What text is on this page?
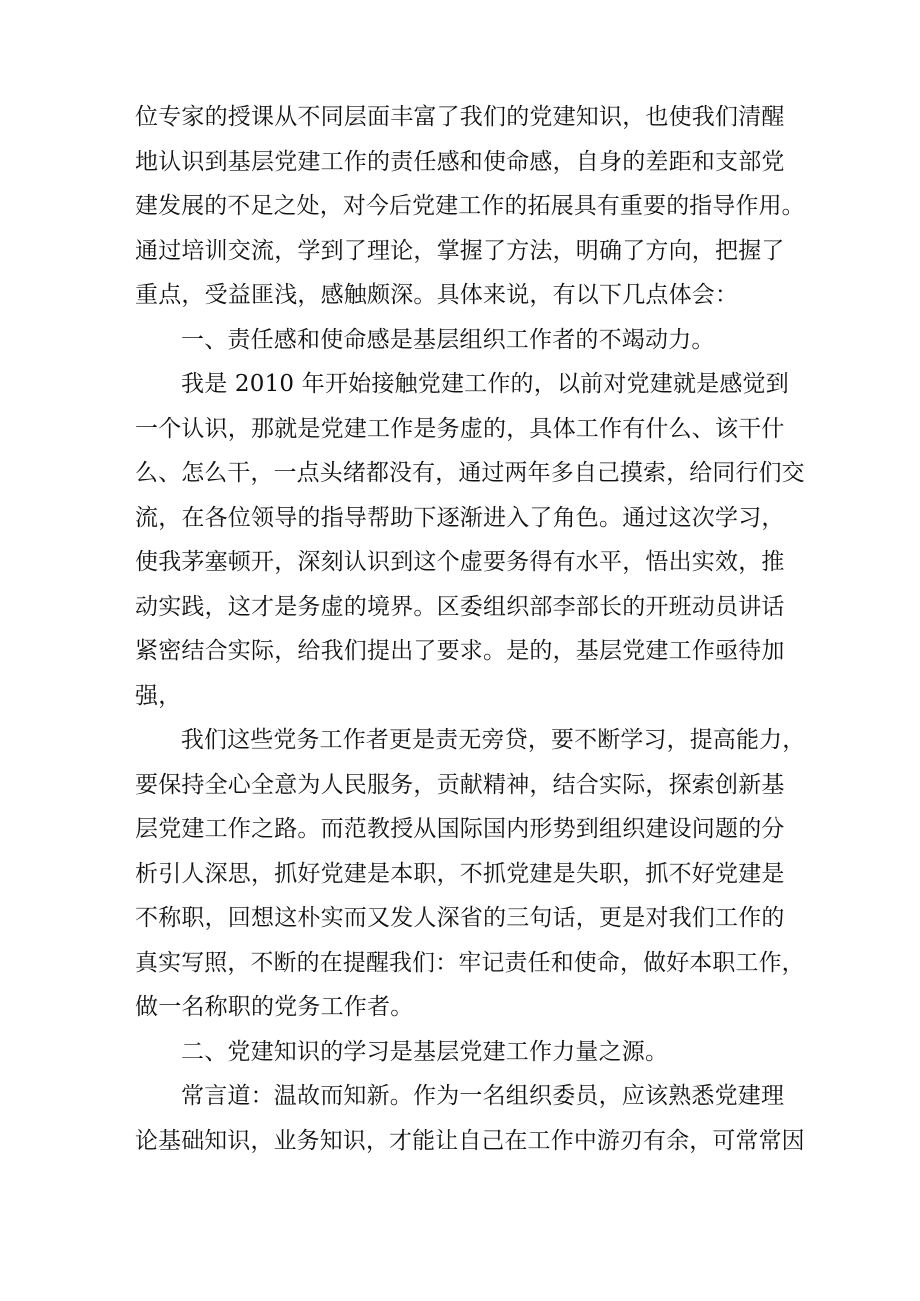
位专家的授课从不同层面丰富了我们的党建知识，也使我们清醒
地认识到基层党建工作的责任感和使命感，自身的差距和支部党
建发展的不足之处，对今后党建工作的拓展具有重要的指导作用。
通过培训交流，学到了理论，掌握了方法，明确了方向，把握了
重点，受益匪浅，感触颇深。具体来说，有以下几点体会：
一、责任感和使命感是基层组织工作者的不竭动力。
我是 2010 年开始接触党建工作的，以前对党建就是感觉到
一个认识，那就是党建工作是务虚的，具体工作有什么、该干什
么、怎么干，一点头绪都没有，通过两年多自己摸索，给同行们交
流，在各位领导的指导帮助下逐渐进入了角色。通过这次学习，
使我茅塞顿开，深刻认识到这个虚要务得有水平，悟出实效，推
动实践，这才是务虚的境界。区委组织部李部长的开班动员讲话
紧密结合实际，给我们提出了要求。是的，基层党建工作亟待加
强，
我们这些党务工作者更是责无旁贷，要不断学习，提高能力，
要保持全心全意为人民服务，贡献精神，结合实际，探索创新基
层党建工作之路。而范教授从国际国内形势到组织建设问题的分
析引人深思，抓好党建是本职，不抓党建是失职，抓不好党建是
不称职，回想这朴实而又发人深省的三句话，更是对我们工作的
真实写照，不断的在提醒我们：牢记责任和使命，做好本职工作，
做一名称职的党务工作者。
二、党建知识的学习是基层党建工作力量之源。
常言道：温故而知新。作为一名组织委员，应该熟悉党建理
论基础知识，业务知识，才能让自己在工作中游刃有余，可常常因
